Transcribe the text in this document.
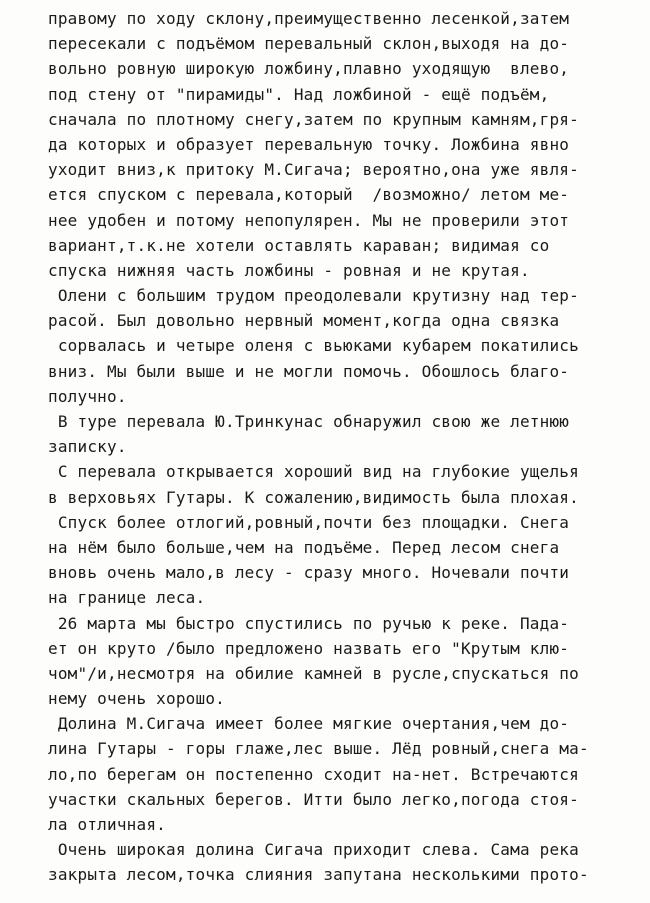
правому по ходу склону,преимущественно лесенкой,затем
пересекали с подъёмом перевальный склон,выходя на до-
вольно ровную широкую ложбину,плавно уходящую  влево,
под стену от "пирамиды". Над ложбиной - ещё подъём,
сначала по плотному снегу,затем по крупным камням,гря-
да которых и образует перевальную точку. Ложбина явно
уходит вниз,к притоку М.Сигача; вероятно,она уже явля-
ется спуском с перевала,который  /возможно/ летом ме-
нее удобен и потому непопулярен. Мы не проверили этот
вариант,т.к.не хотели оставлять караван; видимая со
спуска нижняя часть ложбины - ровная и не крутая.
Олени с большим трудом преодолевали крутизну над тер-
расой. Был довольно нервный момент,когда одна связка
сорвалась и четыре оленя с вьюками кубарем покатились
вниз. Мы были выше и не могли помочь. Обошлось благо-
получно.
В туре перевала Ю.Тринкунас обнаружил свою же летнюю
записку.
С перевала открывается хороший вид на глубокие ущелья
в верховьях Гутары. К сожалению,видимость была плохая.
Спуск более отлогий,ровный,почти без площадки. Снега
на нём было больше,чем на подъёме. Перед лесом снега
вновь очень мало,в лесу - сразу много. Ночевали почти
на границе леса.
26 марта мы быстро спустились по ручью к реке. Пада-
ет он круто /было предложено назвать его "Крутым клю-
чом"/и,несмотря на обилие камней в русле,спускаться по
нему очень хорошо.
Долина М.Сигача имеет более мягкие очертания,чем до-
лина Гутары - горы глаже,лес выше. Лёд ровный,снега ма-
ло,по берегам он постепенно сходит на-нет. Встречаются
участки скальных берегов. Итти было легко,погода стоя-
ла отличная.
Очень широкая долина Сигача приходит слева. Сама река
закрыта лесом,точка слияния запутана несколькими прото-
